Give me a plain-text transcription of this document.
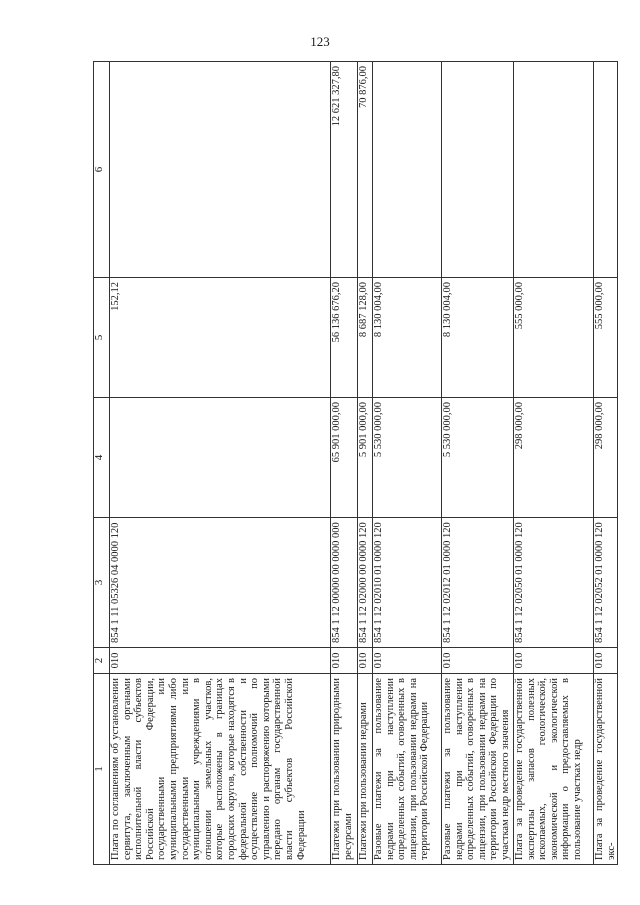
123
1	2	3	4	5	6
Плата по соглашениям об установлении сервитута, заключенным органами исполнительной власти субъектов Российской Федерации, государственными или муниципальными предприятиями либо государственными или муниципальными учреждениями в отношении земельных участков, которые расположены в границах городских округов, которые находятся в федеральной собственности и осуществление полномочий по управлению и распоряжению которыми передано органам государственной власти субъектов Российской Федерации	010	854 1 11 05326 04 0000 120		152,12	
Платежи при пользовании природными ресурсами	010	854 1 12 00000 00 0000 000	65 901 000,00	56 136 676,20	12 621 327,80
Платежи при пользовании недрами	010	854 1 12 02000 00 0000 120	5 901 000,00	8 687 128,00	70 876,00
Разовые платежи за пользование недрами при наступлении определенных событий, оговоренных в лицензии, при пользовании недрами на территории Российской Федерации	010	854 1 12 02010 01 0000 120	5 530 000,00	8 130 004,00	
Разовые платежи за пользование недрами при наступлении определенных событий, оговоренных в лицензии, при пользовании недрами на территории Российской Федерации по участкам недр местного значения	010	854 1 12 02012 01 0000 120	5 530 000,00	8 130 004,00	
Плата за проведение государственной экспертизы запасов полезных ископаемых, геологической, экономической и экологической информации о предоставляемых в пользование участках недр	010	854 1 12 02050 01 0000 120	298 000,00	555 000,00	
Плата за проведение государственной экс-	010	854 1 12 02052 01 0000 120	298 000,00	555 000,00	
